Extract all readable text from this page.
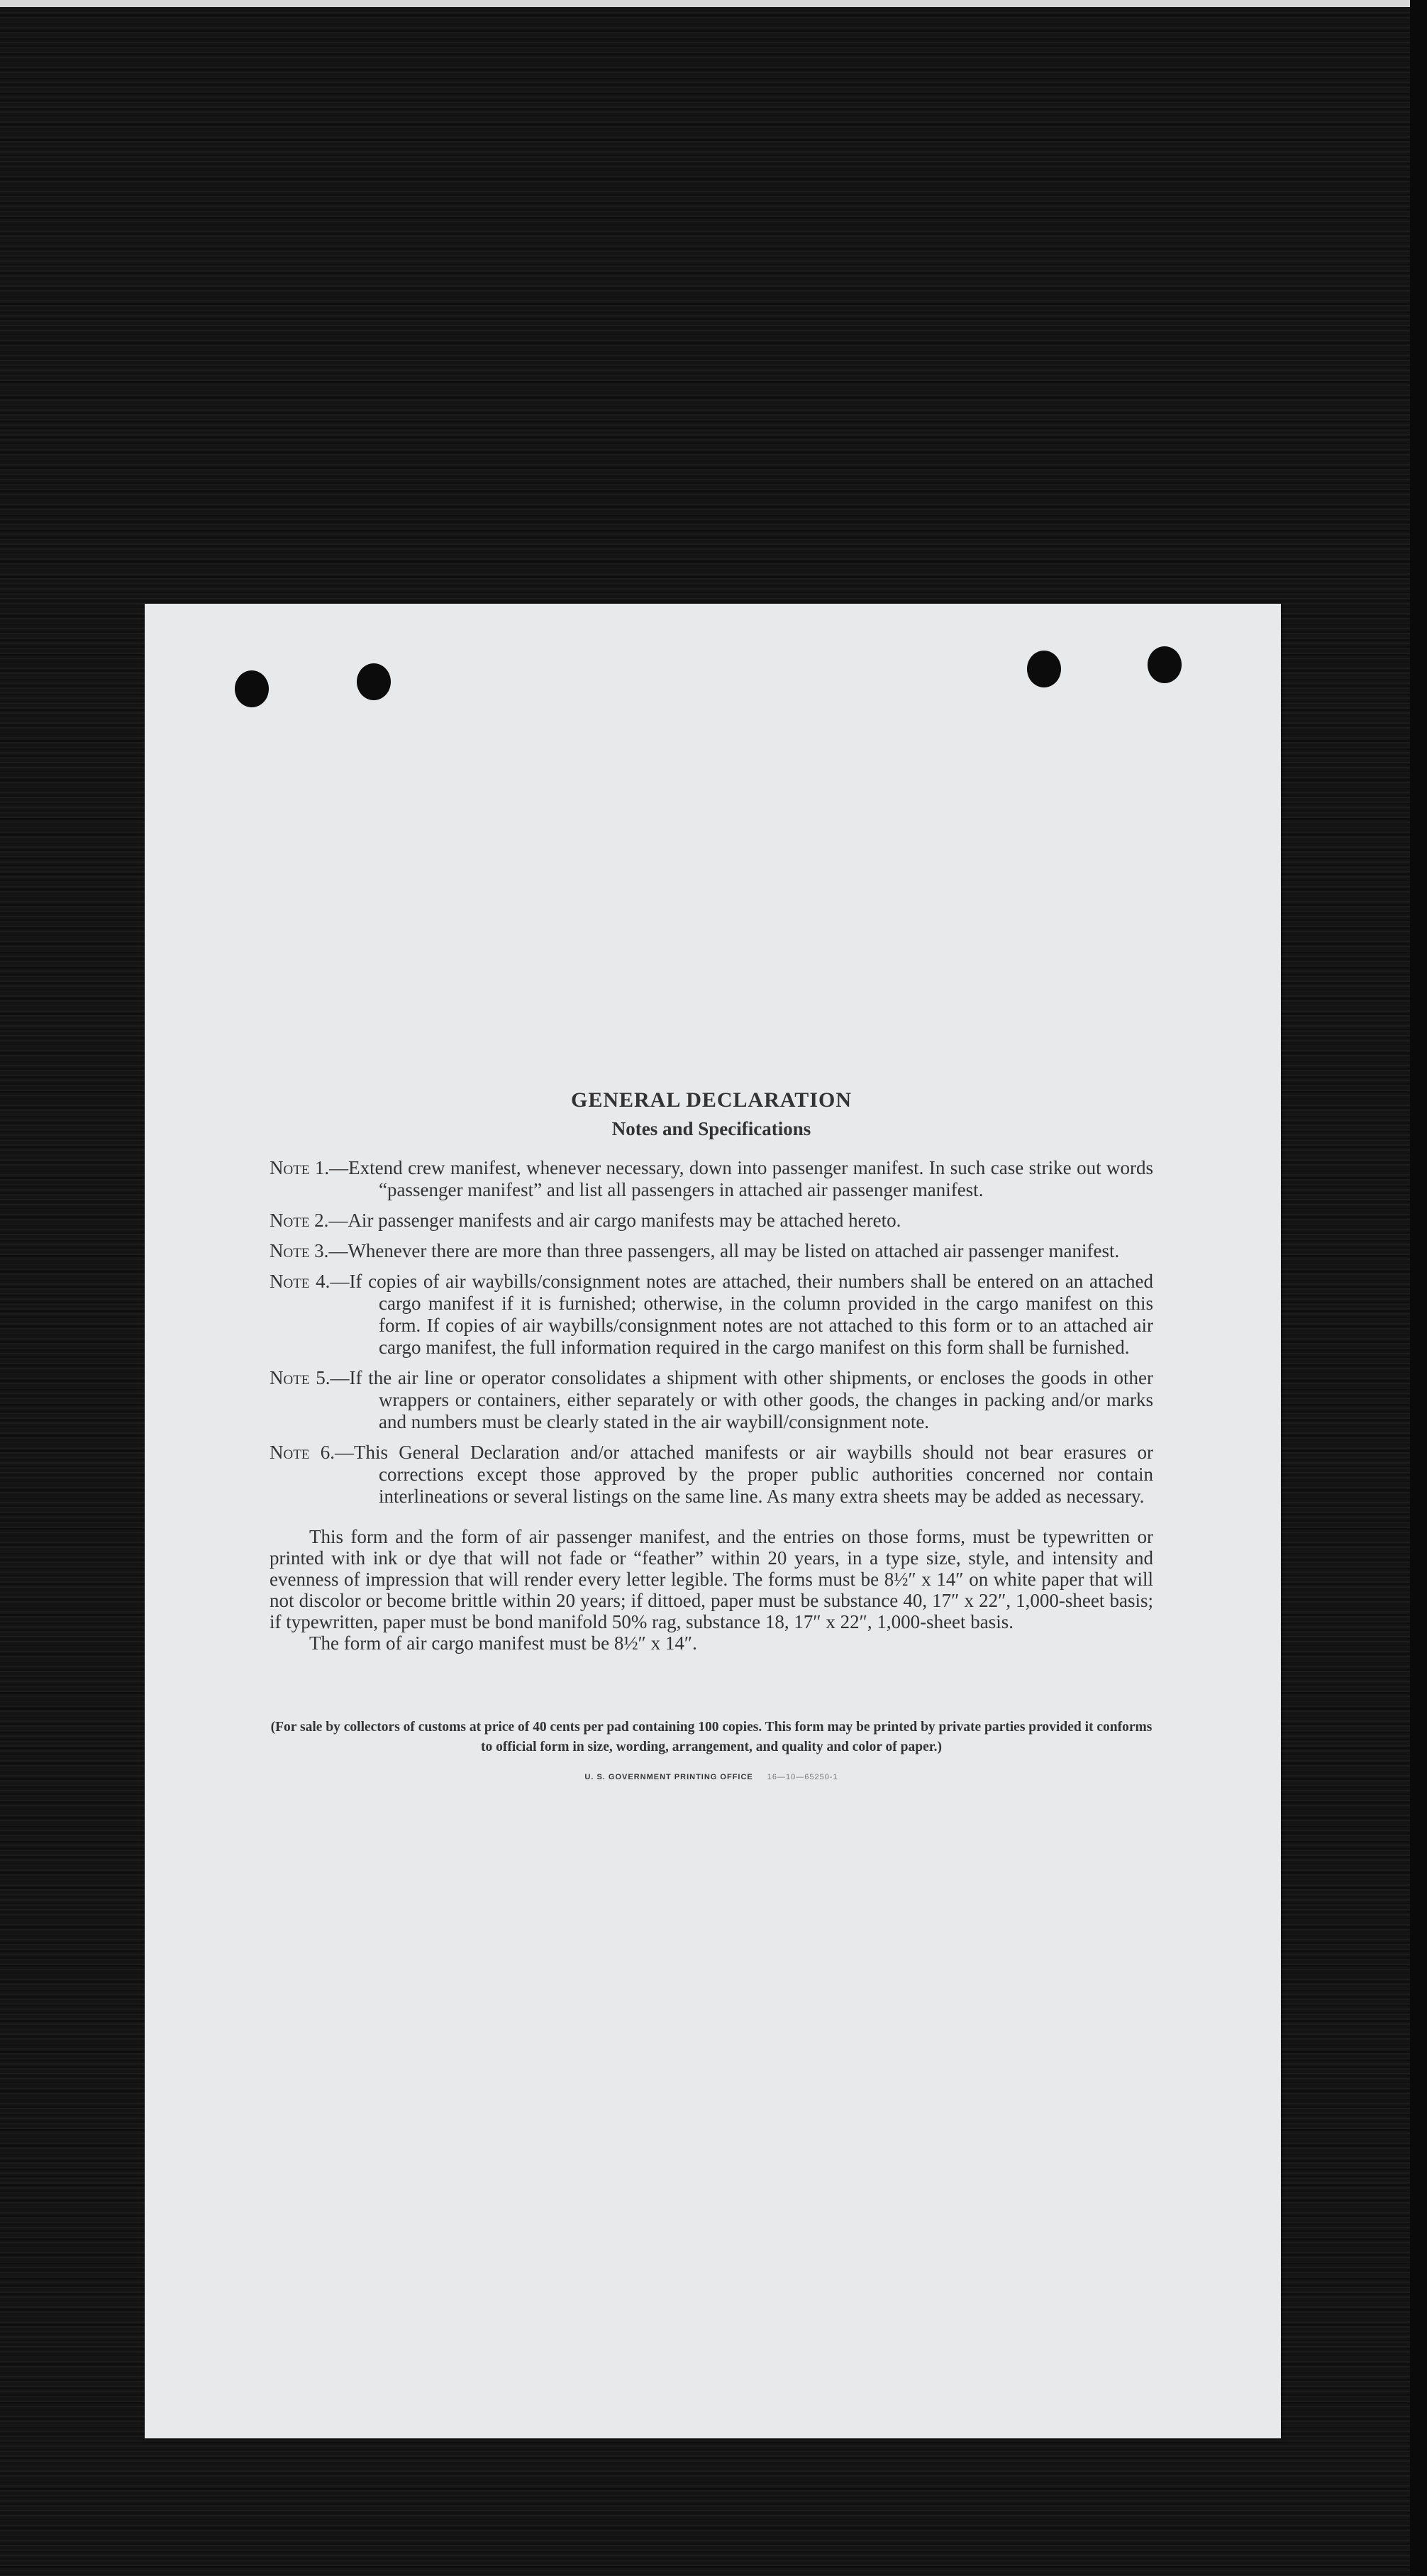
GENERAL DECLARATION
Notes and Specifications

Note 1.—Extend crew manifest, whenever necessary, down into passenger manifest. In such case strike out words “passenger manifest” and list all passengers in attached air passenger manifest.

Note 2.—Air passenger manifests and air cargo manifests may be attached hereto.

Note 3.—Whenever there are more than three passengers, all may be listed on attached air passenger manifest.

Note 4.—If copies of air waybills/consignment notes are attached, their numbers shall be entered on an attached cargo manifest if it is furnished; otherwise, in the column provided in the cargo manifest on this form. If copies of air waybills/consignment notes are not attached to this form or to an attached air cargo manifest, the full information required in the cargo manifest on this form shall be furnished.

Note 5.—If the air line or operator consolidates a shipment with other shipments, or encloses the goods in other wrappers or containers, either separately or with other goods, the changes in packing and/or marks and numbers must be clearly stated in the air waybill/consignment note.

Note 6.—This General Declaration and/or attached manifests or air waybills should not bear erasures or corrections except those approved by the proper public authorities concerned nor contain interlineations or several listings on the same line. As many extra sheets may be added as necessary.

This form and the form of air passenger manifest, and the entries on those forms, must be typewritten or printed with ink or dye that will not fade or “feather” within 20 years, in a type size, style, and intensity and evenness of impression that will render every letter legible. The forms must be 8½″ x 14″ on white paper that will not discolor or become brittle within 20 years; if dittoed, paper must be substance 40, 17″ x 22″, 1,000-sheet basis; if typewritten, paper must be bond manifold 50% rag, substance 18, 17″ x 22″, 1,000-sheet basis.

The form of air cargo manifest must be 8½″ x 14″.

(For sale by collectors of customs at price of 40 cents per pad containing 100 copies. This form may be printed by private parties provided it conforms to official form in size, wording, arrangement, and quality and color of paper.)

U. S. GOVERNMENT PRINTING OFFICE 16—10—65250-1
